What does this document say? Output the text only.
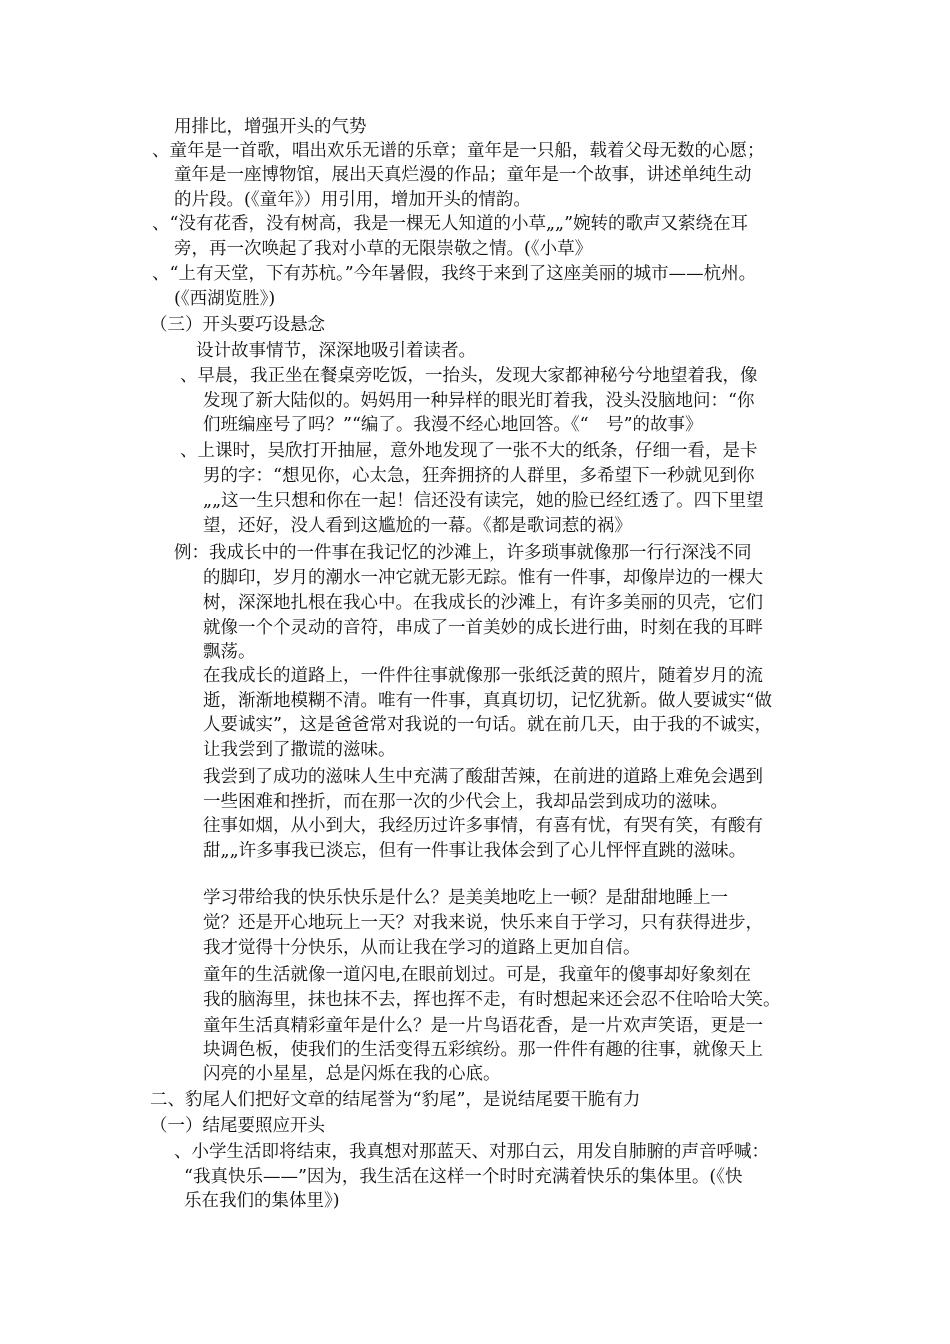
用排比，增强开头的气势
、童年是一首歌，唱出欢乐无谱的乐章；童年是一只船，载着父母无数的心愿；
童年是一座博物馆，展出天真烂漫的作品；童年是一个故事，讲述单纯生动
的片段。(《童年》）用引用，增加开头的情韵。
、“没有花香，没有树高，我是一棵无人知道的小草„„”婉转的歌声又萦绕在耳
旁，再一次唤起了我对小草的无限崇敬之情。(《小草》
、“上有天堂，下有苏杭。”今年暑假，我终于来到了这座美丽的城市——杭州。
(《西湖览胜》)
（三）开头要巧设悬念
设计故事情节，深深地吸引着读者。
、早晨，我正坐在餐桌旁吃饭，一抬头，发现大家都神秘兮兮地望着我，像
发现了新大陆似的。妈妈用一种异样的眼光盯着我，没头没脑地问：“你
们班编座号了吗？”“编了。我漫不经心地回答。《“　号”的故事》
、上课时，吴欣打开抽屉，意外地发现了一张不大的纸条，仔细一看，是卡
男的字：“想见你，心太急，狂奔拥挤的人群里，多希望下一秒就见到你
„„这一生只想和你在一起！信还没有读完，她的脸已经红透了。四下里望
望，还好，没人看到这尴尬的一幕。《都是歌词惹的祸》
例：我成长中的一件事在我记忆的沙滩上，许多琐事就像那一行行深浅不同
的脚印，岁月的潮水一冲它就无影无踪。惟有一件事，却像岸边的一棵大
树，深深地扎根在我心中。在我成长的沙滩上，有许多美丽的贝壳，它们
就像一个个灵动的音符，串成了一首美妙的成长进行曲，时刻在我的耳畔
飘荡。
在我成长的道路上，一件件往事就像那一张纸泛黄的照片，随着岁月的流
逝，渐渐地模糊不清。唯有一件事，真真切切，记忆犹新。做人要诚实“做
人要诚实”，这是爸爸常对我说的一句话。就在前几天，由于我的不诚实，
让我尝到了撒谎的滋味。
我尝到了成功的滋味人生中充满了酸甜苦辣，在前进的道路上难免会遇到
一些困难和挫折，而在那一次的少代会上，我却品尝到成功的滋味。
往事如烟，从小到大，我经历过许多事情，有喜有忧，有哭有笑，有酸有
甜„„许多事我已淡忘，但有一件事让我体会到了心儿怦怦直跳的滋味。
学习带给我的快乐快乐是什么？是美美地吃上一顿？是甜甜地睡上一
觉？还是开心地玩上一天？对我来说，快乐来自于学习，只有获得进步，
我才觉得十分快乐，从而让我在学习的道路上更加自信。
童年的生活就像一道闪电,在眼前划过。可是，我童年的傻事却好象刻在
我的脑海里，抹也抹不去，挥也挥不走，有时想起来还会忍不住哈哈大笑。
童年生活真精彩童年是什么？是一片鸟语花香，是一片欢声笑语，更是一
块调色板，使我们的生活变得五彩缤纷。那一件件有趣的往事，就像天上
闪亮的小星星，总是闪烁在我的心底。
二、豹尾人们把好文章的结尾誉为“豹尾”，是说结尾要干脆有力
（一）结尾要照应开头
、小学生活即将结束，我真想对那蓝天、对那白云，用发自肺腑的声音呼喊：
“我真快乐——”因为，我生活在这样一个时时充满着快乐的集体里。(《快
乐在我们的集体里》)
